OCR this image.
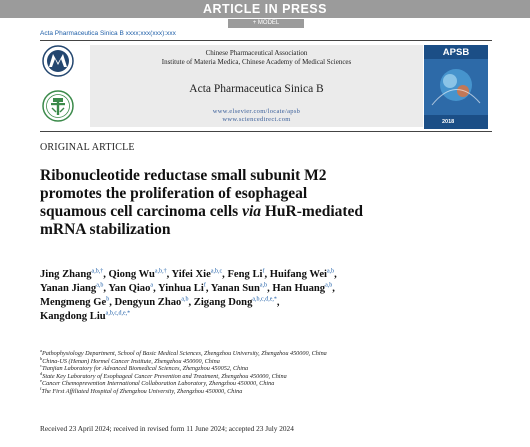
ARTICLE IN PRESS
+ MODEL
Acta Pharmaceutica Sinica B xxxx;xxx(xxx):xxx
Chinese Pharmaceutical Association
Institute of Materia Medica, Chinese Academy of Medical Sciences
Acta Pharmaceutica Sinica B
www.elsevier.com/locate/apsb
www.sciencedirect.com
APSB
2018
ORIGINAL ARTICLE
Ribonucleotide reductase small subunit M2
promotes the proliferation of esophageal
squamous cell carcinoma cells via HuR-mediated
mRNA stabilization
Jing Zhang$^{a,b,\dagger}$, Qiong $Wu^{a,b,\dagger}$, Yifei Xie$^{a,b,c}$, Feng Li$^f$, Huifang Wei$^{a,b}$,
Yanan Jiang$^{a,b}$, Yan Qiao$^a$, Yinhua Li$^f$, Yanan Sun$^{a,b}$, Han Huang$^{a,b}$,
Mengmeng Ge$^b$, Dengyun Zhao$^{a,b}$, Zigang Dong$^{a,b,c,d,e,*}$,
Kangdong Liu$^{a,b,c,d,e,*}$
$^a$Pathophysiology Department, School of Basic Medical Sciences, Zhengzhou University, Zhengzhou 450000, China
$^b$China-US (Henan) Hormel Cancer Institute, Zhengzhou 450000, China
$^c$Tianjian Laboratory for Advanced Biomedical Sciences, Zhengzhou 450052, China
$^d$State Key Laboratory of Esophageal Cancer Prevention and Treatment, Zhengzhou 450000, China
$^e$Cancer Chemoprevention International Collaboration Laboratory, Zhengzhou 450000, China
$^f$The First Affiliated Hospital of Zhengzhou University, Zhengzhou 450000, China
Received 23 April 2024; received in revised form 11 June 2024; accepted 23 July 2024
